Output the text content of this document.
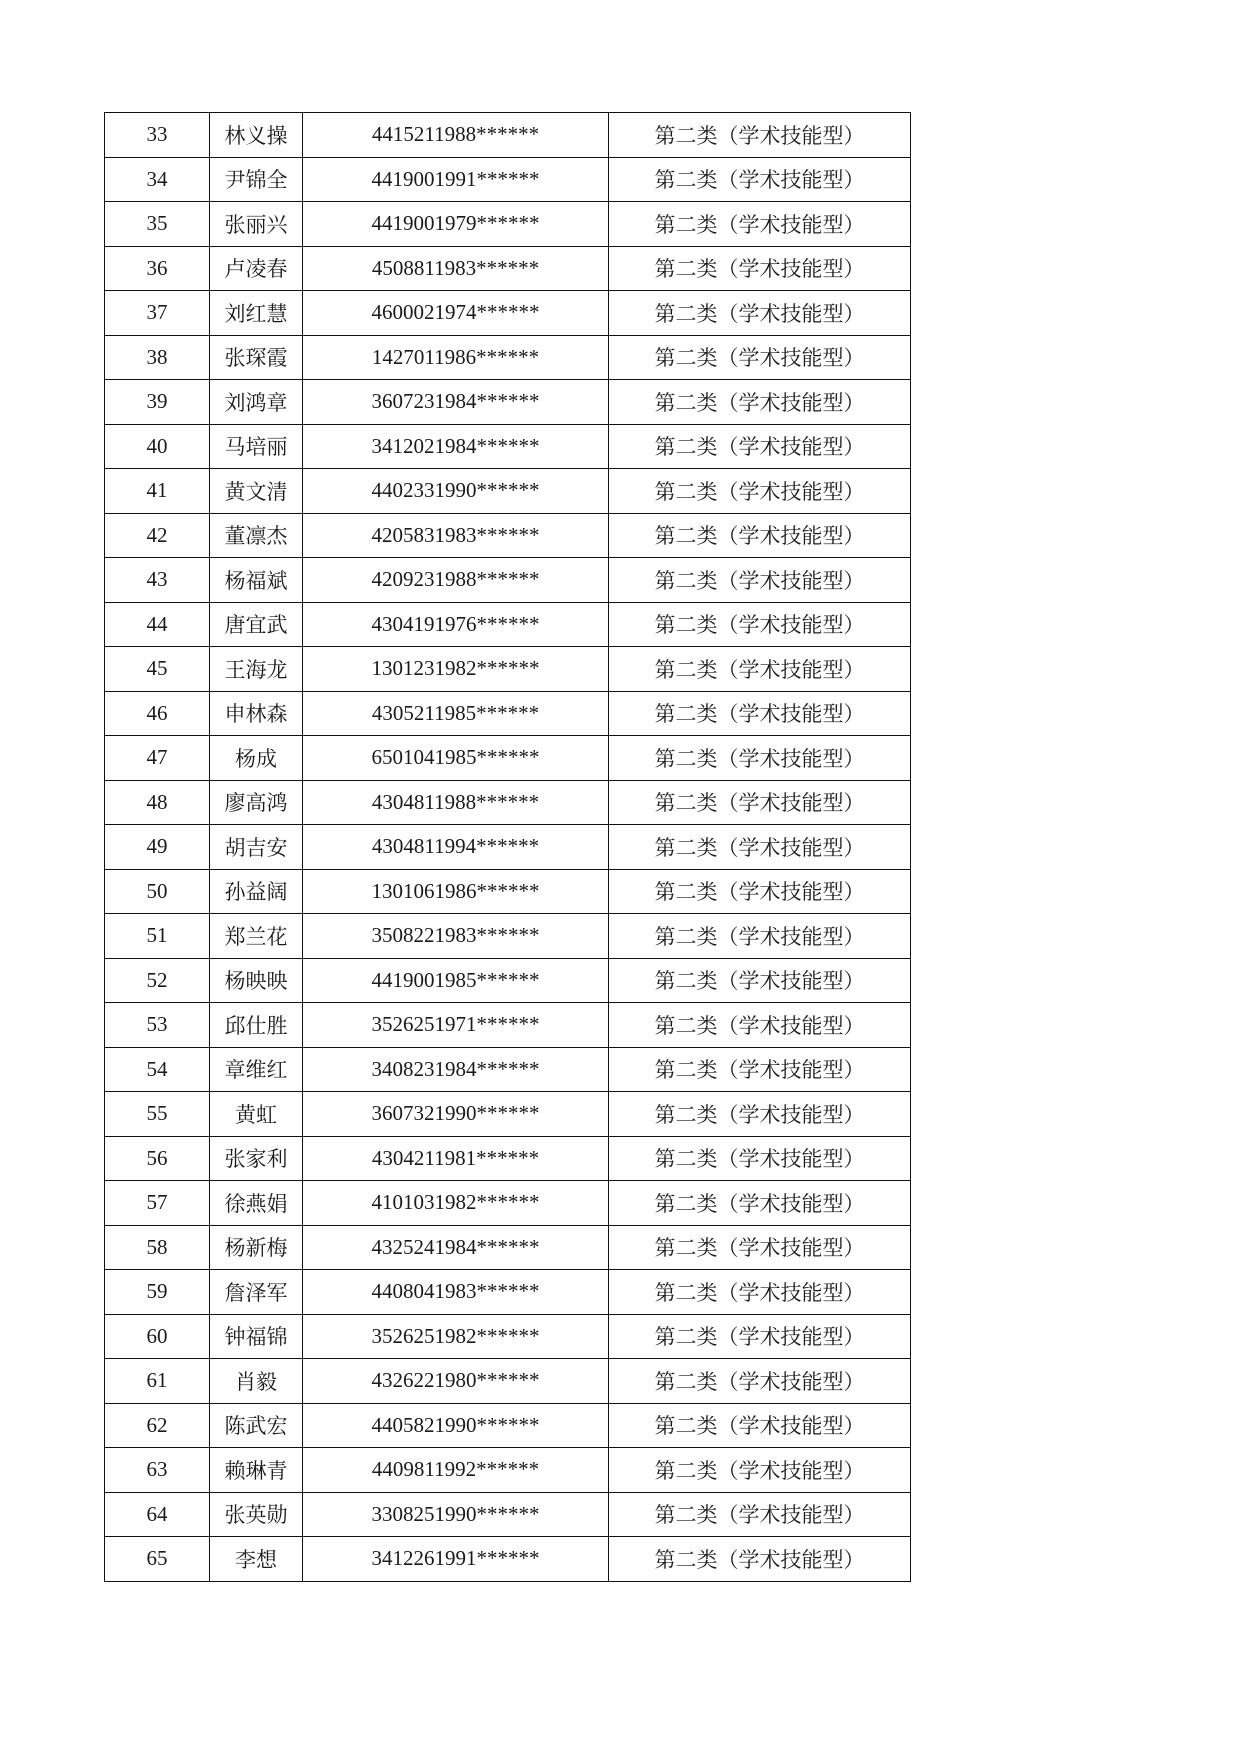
33	林义操	4415211988******	第二类（学术技能型）
34	尹锦全	4419001991******	第二类（学术技能型）
35	张丽兴	4419001979******	第二类（学术技能型）
36	卢凌春	4508811983******	第二类（学术技能型）
37	刘红慧	4600021974******	第二类（学术技能型）
38	张琛霞	1427011986******	第二类（学术技能型）
39	刘鸿章	3607231984******	第二类（学术技能型）
40	马培丽	3412021984******	第二类（学术技能型）
41	黄文清	4402331990******	第二类（学术技能型）
42	董凛杰	4205831983******	第二类（学术技能型）
43	杨福斌	4209231988******	第二类（学术技能型）
44	唐宜武	4304191976******	第二类（学术技能型）
45	王海龙	1301231982******	第二类（学术技能型）
46	申林森	4305211985******	第二类（学术技能型）
47	杨成	6501041985******	第二类（学术技能型）
48	廖高鸿	4304811988******	第二类（学术技能型）
49	胡吉安	4304811994******	第二类（学术技能型）
50	孙益阔	1301061986******	第二类（学术技能型）
51	郑兰花	3508221983******	第二类（学术技能型）
52	杨映映	4419001985******	第二类（学术技能型）
53	邱仕胜	3526251971******	第二类（学术技能型）
54	章维红	3408231984******	第二类（学术技能型）
55	黄虹	3607321990******	第二类（学术技能型）
56	张家利	4304211981******	第二类（学术技能型）
57	徐燕娟	4101031982******	第二类（学术技能型）
58	杨新梅	4325241984******	第二类（学术技能型）
59	詹泽军	4408041983******	第二类（学术技能型）
60	钟福锦	3526251982******	第二类（学术技能型）
61	肖毅	4326221980******	第二类（学术技能型）
62	陈武宏	4405821990******	第二类（学术技能型）
63	赖琳青	4409811992******	第二类（学术技能型）
64	张英勋	3308251990******	第二类（学术技能型）
65	李想	3412261991******	第二类（学术技能型）
